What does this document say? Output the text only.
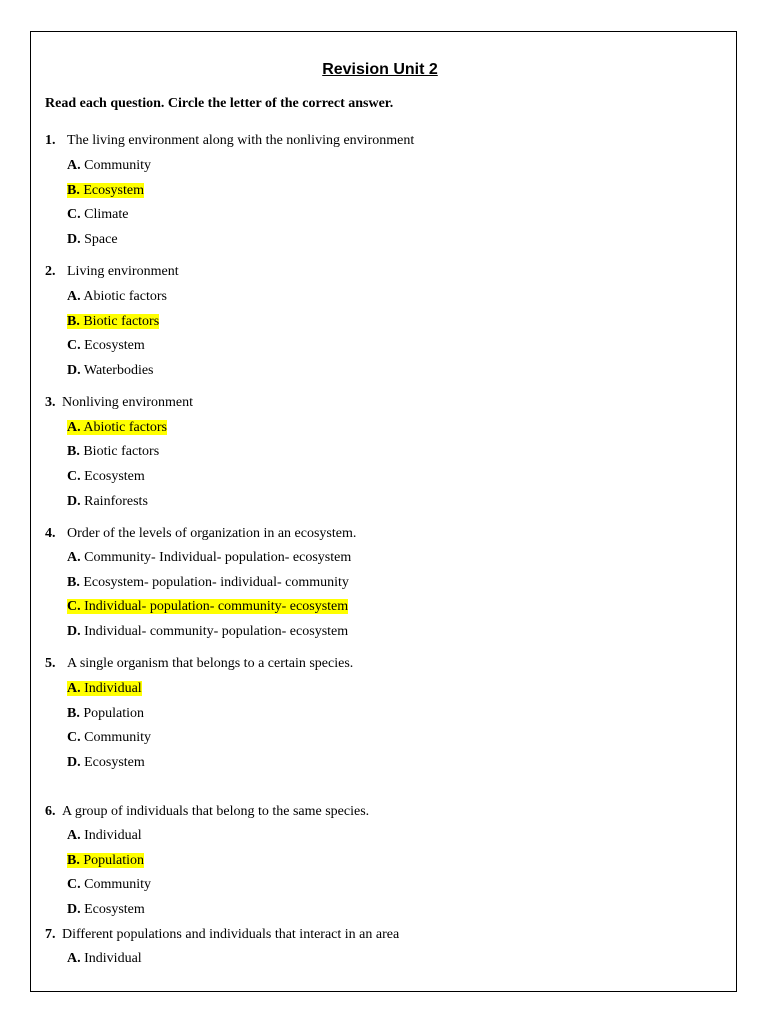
Revision Unit 2
Read each question. Circle the letter of the correct answer.
1. The living environment along with the nonliving environment
A. Community
B. Ecosystem
C. Climate
D. Space
2. Living environment
A. Abiotic factors
B. Biotic factors
C. Ecosystem
D. Waterbodies
3. Nonliving environment
A. Abiotic factors
B. Biotic factors
C. Ecosystem
D. Rainforests
4. Order of the levels of organization in an ecosystem.
A. Community- Individual- population- ecosystem
B. Ecosystem- population- individual- community
C. Individual- population- community- ecosystem
D. Individual- community- population- ecosystem
5. A single organism that belongs to a certain species.
A. Individual
B. Population
C. Community
D. Ecosystem
6. A group of individuals that belong to the same species.
A. Individual
B. Population
C. Community
D. Ecosystem
7. Different populations and individuals that interact in an area
A. Individual
